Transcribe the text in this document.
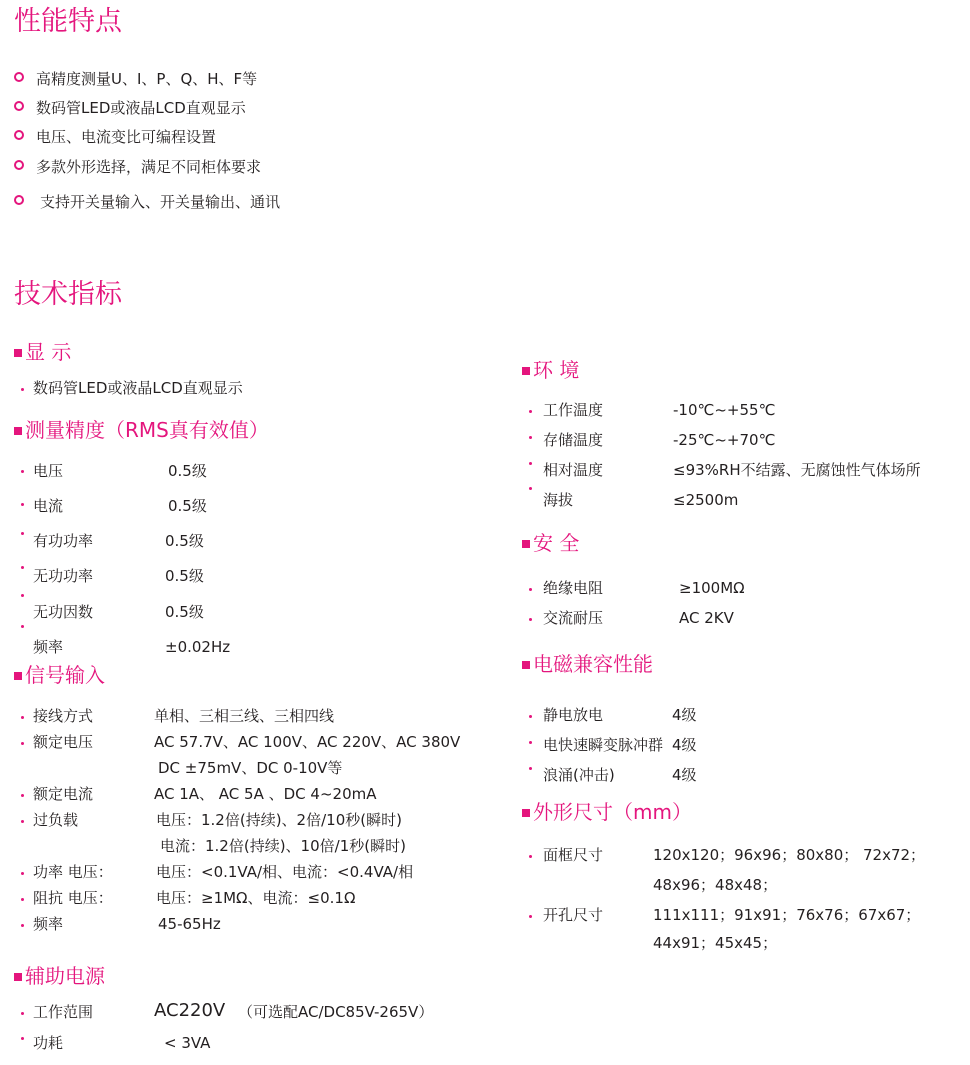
性能特点
高精度测量U、I、P、Q、H、F等
数码管LED或液晶LCD直观显示
电压、电流变比可编程设置
多款外形选择，满足不同柜体要求
支持开关量输入、开关量输出、通讯
技术指标
显 示
数码管LED或液晶LCD直观显示
测量精度（RMS真有效值）
电压	0.5级
电流	0.5级
有功功率	0.5级
无功功率	0.5级
无功因数	0.5级
频率	±0.02Hz
信号输入
接线方式	单相、三相三线、三相四线
额定电压	AC 57.7V、AC 100V、AC 220V、AC 380V
DC ±75mV、DC 0-10V等
额定电流	AC 1A、 AC 5A 、DC 4~20mA
过负载	电压：1.2倍(持续)、2倍/10秒(瞬时)
电流：1.2倍(持续)、10倍/1秒(瞬时)
功率 电压：	电压：<0.1VA/相、电流：<0.4VA/相
阻抗 电压：	电压：≥1MΩ、电流：≤0.1Ω
频率	45-65Hz
辅助电源
工作范围	AC220V （可选配AC/DC85V-265V）
功耗	< 3VA
环 境
工作温度	-10℃~+55℃
存储温度	-25℃~+70℃
相对温度	≤93%RH不结露、无腐蚀性气体场所
海拔	≤2500m
安 全
绝缘电阻	≥100MΩ
交流耐压	AC 2KV
电磁兼容性能
静电放电	4级
电快速瞬变脉冲群 4级
浪涌(冲击)	4级
外形尺寸（mm）
面框尺寸	120x120；96x96；80x80； 72x72；
48x96；48x48；
开孔尺寸	111x111；91x91；76x76；67x67；
44x91；45x45；
